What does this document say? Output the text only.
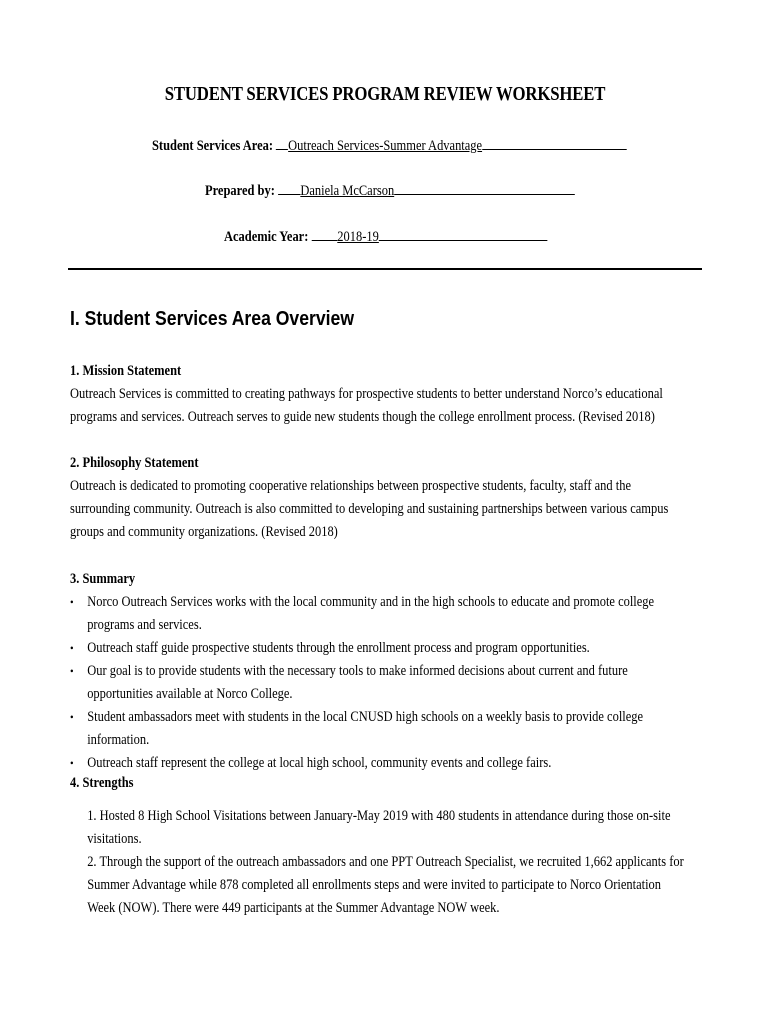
STUDENT SERVICES PROGRAM REVIEW WORKSHEET
Student Services Area: Outreach Services-Summer Advantage
Prepared by: Daniela McCarson
Academic Year: 2018-19
I. Student Services Area Overview
1. Mission Statement

Outreach Services is committed to creating pathways for prospective students to better understand Norco’s educational programs and services. Outreach serves to guide new students though the college enrollment process. (Revised 2018)

2. Philosophy Statement

Outreach is dedicated to promoting cooperative relationships between prospective students, faculty, staff and the surrounding community. Outreach is also committed to developing and sustaining partnerships between various campus groups and community organizations. (Revised 2018)

3. Summary
• Norco Outreach Services works with the local community and in the high schools to educate and promote college programs and services.
• Outreach staff guide prospective students through the enrollment process and program opportunities.
• Our goal is to provide students with the necessary tools to make informed decisions about current and future opportunities available at Norco College.
• Student ambassadors meet with students in the local CNUSD high schools on a weekly basis to provide college information.
• Outreach staff represent the college at local high school, community events and college fairs.
4. Strengths
1. Hosted 8 High School Visitations between January-May 2019 with 480 students in attendance during those on-site visitations.
2. Through the support of the outreach ambassadors and one PPT Outreach Specialist, we recruited 1,662 applicants for Summer Advantage while 878 completed all enrollments steps and were invited to participate to Norco Orientation Week (NOW). There were 449 participants at the Summer Advantage NOW week.
